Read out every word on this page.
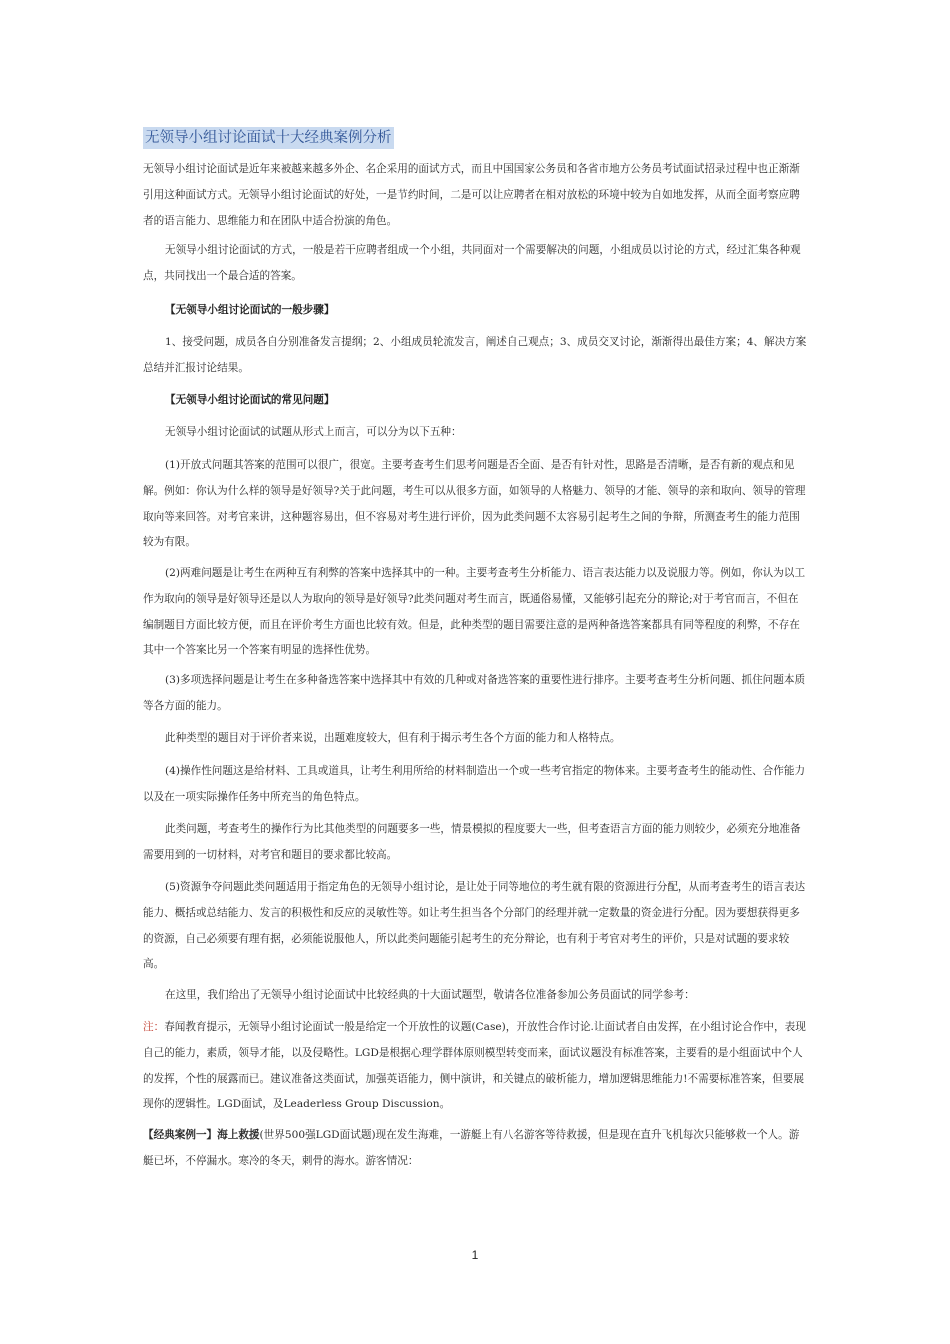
无领导小组讨论面试十大经典案例分析
无领导小组讨论面试是近年来被越来越多外企、名企采用的面试方式，而且中国国家公务员和各省市地方公务员考试面试招录过程中也正渐渐引用这种面试方式。无领导小组讨论面试的好处，一是节约时间，二是可以让应聘者在相对放松的环境中较为自如地发挥，从而全面考察应聘者的语言能力、思维能力和在团队中适合扮演的角色。
无领导小组讨论面试的方式，一般是若干应聘者组成一个小组，共同面对一个需要解决的问题，小组成员以讨论的方式，经过汇集各种观点，共同找出一个最合适的答案。
【无领导小组讨论面试的一般步骤】
1、接受问题，成员各自分别准备发言提纲；2、小组成员轮流发言，阐述自己观点；3、成员交叉讨论，渐渐得出最佳方案；4、解决方案总结并汇报讨论结果。
【无领导小组讨论面试的常见问题】
无领导小组讨论面试的试题从形式上而言，可以分为以下五种：
(1)开放式问题其答案的范围可以很广，很宽。主要考查考生们思考问题是否全面、是否有针对性，思路是否清晰，是否有新的观点和见解。例如：你认为什么样的领导是好领导?关于此问题，考生可以从很多方面，如领导的人格魅力、领导的才能、领导的亲和取向、领导的管理取向等来回答。对考官来讲，这种题容易出，但不容易对考生进行评价，因为此类问题不太容易引起考生之间的争辩，所测查考生的能力范围较为有限。
(2)两难问题是让考生在两种互有利弊的答案中选择其中的一种。主要考查考生分析能力、语言表达能力以及说服力等。例如，你认为以工作为取向的领导是好领导还是以人为取向的领导是好领导?此类问题对考生而言，既通俗易懂，又能够引起充分的辩论;对于考官而言，不但在编制题目方面比较方便，而且在评价考生方面也比较有效。但是，此种类型的题目需要注意的是两种备选答案都具有同等程度的利弊，不存在其中一个答案比另一个答案有明显的选择性优势。
(3)多项选择问题是让考生在多种备选答案中选择其中有效的几种或对备选答案的重要性进行排序。主要考查考生分析问题、抓住问题本质等各方面的能力。
此种类型的题目对于评价者来说，出题难度较大，但有利于揭示考生各个方面的能力和人格特点。
(4)操作性问题这是给材料、工具或道具，让考生利用所给的材料制造出一个或一些考官指定的物体来。主要考查考生的能动性、合作能力以及在一项实际操作任务中所充当的角色特点。
此类问题，考查考生的操作行为比其他类型的问题要多一些，情景模拟的程度要大一些，但考查语言方面的能力则较少，必须充分地准备需要用到的一切材料，对考官和题目的要求都比较高。
(5)资源争夺问题此类问题适用于指定角色的无领导小组讨论，是让处于同等地位的考生就有限的资源进行分配，从而考查考生的语言表达能力、概括或总结能力、发言的积极性和反应的灵敏性等。如让考生担当各个分部门的经理并就一定数量的资金进行分配。因为要想获得更多的资源，自己必须要有理有据，必须能说服他人，所以此类问题能引起考生的充分辩论，也有利于考官对考生的评价，只是对试题的要求较高。
在这里，我们给出了无领导小组讨论面试中比较经典的十大面试题型，敬请各位准备参加公务员面试的同学参考：
注：春闻教育提示，无领导小组讨论面试一般是给定一个开放性的议题(Case)，开放性合作讨论.让面试者自由发挥，在小组讨论合作中，表现自己的能力，素质，领导才能，以及侵略性。LGD是根据心理学群体原则模型转变而来，面试议题没有标准答案，主要看的是小组面试中个人的发挥，个性的展露而已。建议准备这类面试，加强英语能力，侧中演讲，和关键点的破析能力，增加逻辑思维能力!不需要标准答案，但要展现你的逻辑性。LGD面试，及Leaderless Group Discussion。
【经典案例一】海上救援(世界500强LGD面试题)现在发生海难，一游艇上有八名游客等待救援，但是现在直升飞机每次只能够救一个人。游艇已坏，不停漏水。寒冷的冬天，刺骨的海水。游客情况：
1
